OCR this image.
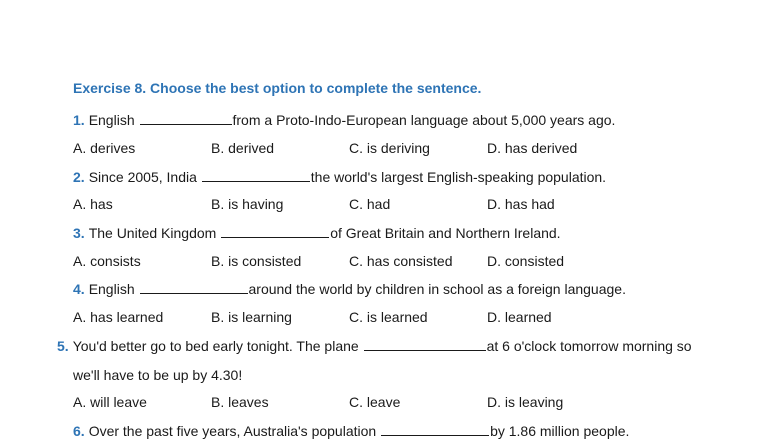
Exercise 8. Choose the best option to complete the sentence.
1. English	from a Proto-Indo-European language about 5,000 years ago.
A. derives	B. derived	C. is deriving	D. has derived
2. Since 2005, India	the world's largest English-speaking population.
A. has	B. is having	C. had	D. has had
3. The United Kingdom	of Great Britain and Northern Ireland.
A. consists	B. is consisted	C. has consisted D. consisted
4. English	around the world by children in school as a foreign language.
A. has learned	B. is learning	C. is learned	D. learned
5. You'd better go to bed early tonight. The plane	at 6 o'clock tomorrow morning so
we'll have to be up by 4.30!
A. will leave	B. leaves	C. leave	D. is leaving
6. Over the past five years, Australia's population	by 1.86 million people.
